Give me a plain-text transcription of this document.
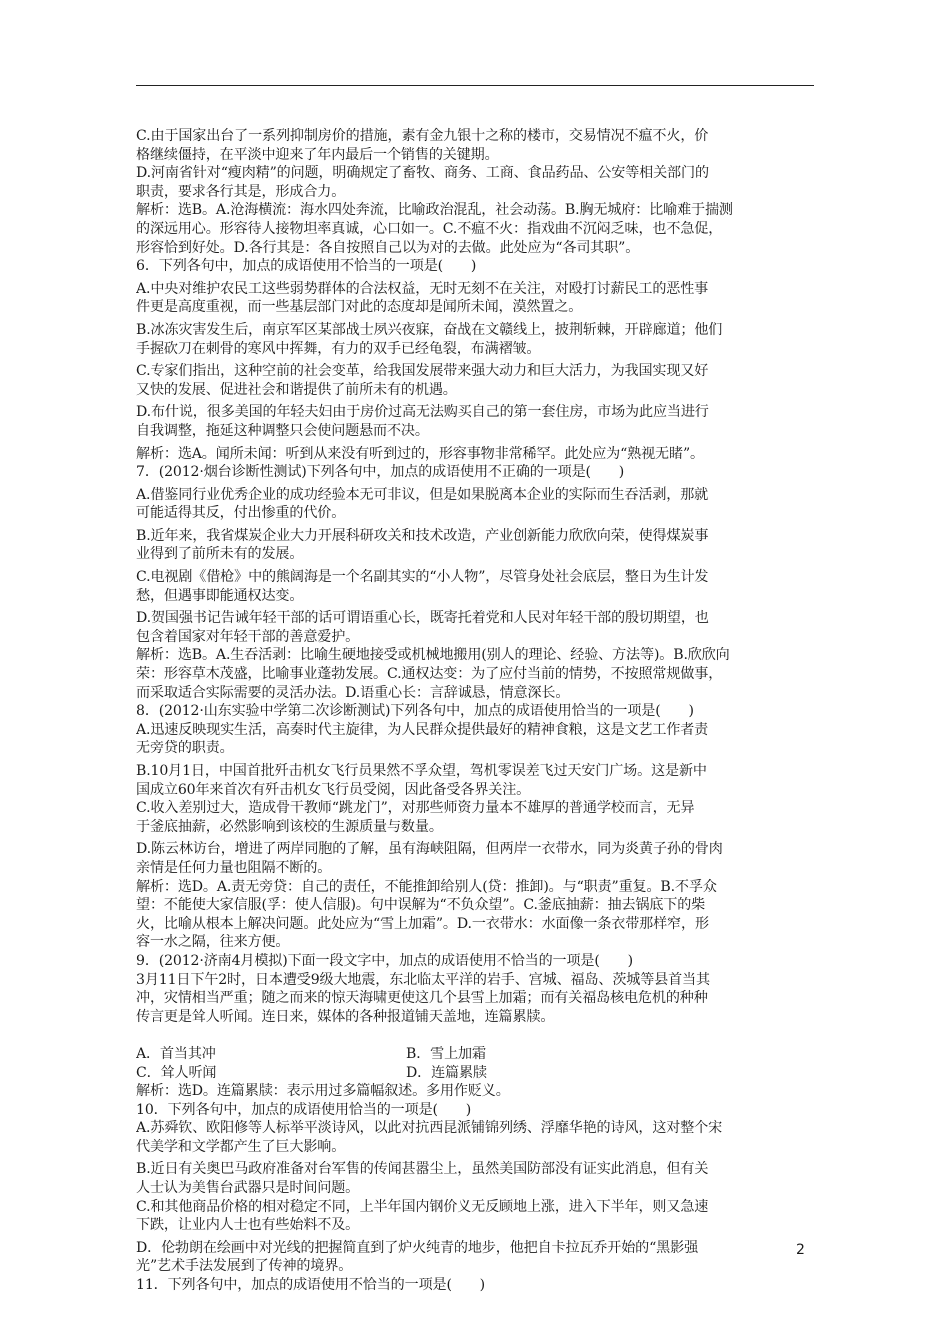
C.由于国家出台了一系列抑制房价的措施，素有金九银十之称的楼市，交易情况不瘟不火，价
格继续僵持，在平淡中迎来了年内最后一个销售的关键期。
D.河南省针对“瘦肉精”的问题，明确规定了畜牧、商务、工商、食品药品、公安等相关部门的
职责，要求各行其是，形成合力。
解析：选B。A.沧海横流：海水四处奔流，比喻政治混乱，社会动荡。B.胸无城府：比喻难于揣测
的深远用心。形容待人接物坦率真诚，心口如一。C.不瘟不火：指戏曲不沉闷乏味，也不急促，
形容恰到好处。D.各行其是：各自按照自己以为对的去做。此处应为“各司其职”。
6．下列各句中，加点的成语使用不恰当的一项是(　　)
A.中央对维护农民工这些弱势群体的合法权益，无时无刻不在关注，对殴打讨薪民工的恶性事
件更是高度重视，而一些基层部门对此的态度却是闻所未闻，漠然置之。
B.冰冻灾害发生后，南京军区某部战士夙兴夜寐，奋战在文赣线上，披荆斩棘，开辟廊道；他们
手握砍刀在刺骨的寒风中挥舞，有力的双手已经龟裂，布满褶皱。
C.专家们指出，这种空前的社会变革，给我国发展带来强大动力和巨大活力，为我国实现又好
又快的发展、促进社会和谐提供了前所未有的机遇。
D.布什说，很多美国的年轻夫妇由于房价过高无法购买自己的第一套住房，市场为此应当进行
自我调整，拖延这种调整只会使问题悬而不决。
解析：选A。闻所未闻：听到从来没有听到过的，形容事物非常稀罕。此处应为“熟视无睹”。
7．(2012·烟台诊断性测试)下列各句中，加点的成语使用不正确的一项是(　　)
A.借鉴同行业优秀企业的成功经验本无可非议，但是如果脱离本企业的实际而生吞活剥，那就
可能适得其反，付出惨重的代价。
B.近年来，我省煤炭企业大力开展科研攻关和技术改造，产业创新能力欣欣向荣，使得煤炭事
业得到了前所未有的发展。
C.电视剧《借枪》中的熊阔海是一个名副其实的“小人物”，尽管身处社会底层，整日为生计发
愁，但遇事即能通权达变。
D.贺国强书记告诫年轻干部的话可谓语重心长，既寄托着党和人民对年轻干部的殷切期望，也
包含着国家对年轻干部的善意爱护。
解析：选B。A.生吞活剥：比喻生硬地接受或机械地搬用(别人的理论、经验、方法等)。B.欣欣向
荣：形容草木茂盛，比喻事业蓬勃发展。C.通权达变：为了应付当前的情势，不按照常规做事，
而采取适合实际需要的灵活办法。D.语重心长：言辞诚恳，情意深长。
8．(2012·山东实验中学第二次诊断测试)下列各句中，加点的成语使用恰当的一项是(　　)
A.迅速反映现实生活，高奏时代主旋律，为人民群众提供最好的精神食粮，这是文艺工作者责
无旁贷的职责。
B.10月1日，中国首批歼击机女飞行员果然不孚众望，驾机零误差飞过天安门广场。这是新中
国成立60年来首次有歼击机女飞行员受阅，因此备受各界关注。
C.收入差别过大，造成骨干教师“跳龙门”，对那些师资力量本不雄厚的普通学校而言，无异
于釜底抽薪，必然影响到该校的生源质量与数量。
D.陈云林访台，增进了两岸同胞的了解，虽有海峡阻隔，但两岸一衣带水，同为炎黄子孙的骨肉
亲情是任何力量也阻隔不断的。
解析：选D。A.责无旁贷：自己的责任，不能推卸给别人(贷：推卸)。与“职责”重复。B.不孚众
望：不能使大家信服(孚：使人信服)。句中误解为“不负众望”。C.釜底抽薪：抽去锅底下的柴
火，比喻从根本上解决问题。此处应为“雪上加霜”。D.一衣带水：水面像一条衣带那样窄，形
容一水之隔，往来方便。
9．(2012·济南4月模拟)下面一段文字中，加点的成语使用不恰当的一项是(　　)
3月11日下午2时，日本遭受9级大地震，东北临太平洋的岩手、宫城、福岛、茨城等县首当其
冲，灾情相当严重；随之而来的惊天海啸更使这几个县雪上加霜；而有关福岛核电危机的种种
传言更是耸人听闻。连日来，媒体的各种报道铺天盖地，连篇累牍。
A．首当其冲	B．雪上加霜
C．耸人听闻	D．连篇累牍
解析：选D。连篇累牍：表示用过多篇幅叙述。多用作贬义。
10．下列各句中，加点的成语使用恰当的一项是(　　)
A.苏舜钦、欧阳修等人标举平淡诗风，以此对抗西昆派铺锦列绣、浮靡华艳的诗风，这对整个宋
代美学和文学都产生了巨大影响。
B.近日有关奥巴马政府准备对台军售的传闻甚嚣尘上，虽然美国防部没有证实此消息，但有关
人士认为美售台武器只是时间问题。
C.和其他商品价格的相对稳定不同，上半年国内钢价义无反顾地上涨，进入下半年，则又急速
下跌，让业内人士也有些始料不及。
D．伦勃朗在绘画中对光线的把握简直到了炉火纯青的地步，他把自卡拉瓦乔开始的“黑影强
光”艺术手法发展到了传神的境界。
11．下列各句中，加点的成语使用不恰当的一项是(　　)
2
